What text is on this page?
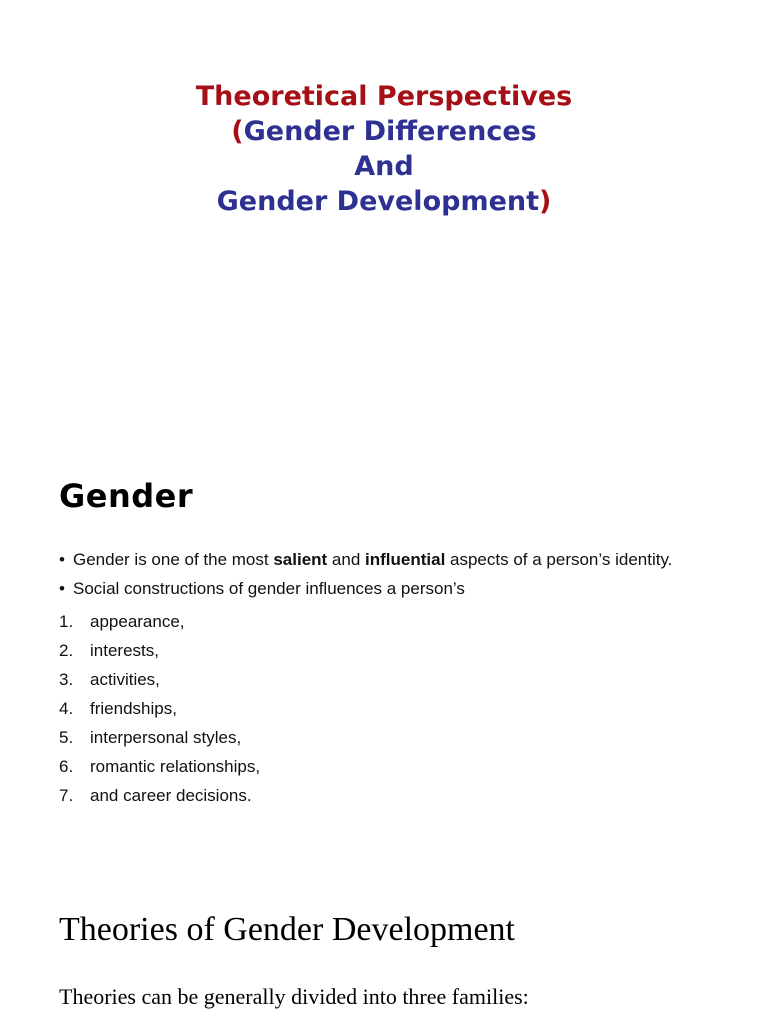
Theoretical Perspectives
(Gender Differences
And
Gender Development)
Gender
• Gender is one of the most salient and influential aspects of a person’s identity.
• Social constructions of gender influences a person’s
1. appearance,
2. interests,
3. activities,
4. friendships,
5. interpersonal styles,
6. romantic relationships,
7. and career decisions.
Theories of Gender Development
Theories can be generally divided into three families:
